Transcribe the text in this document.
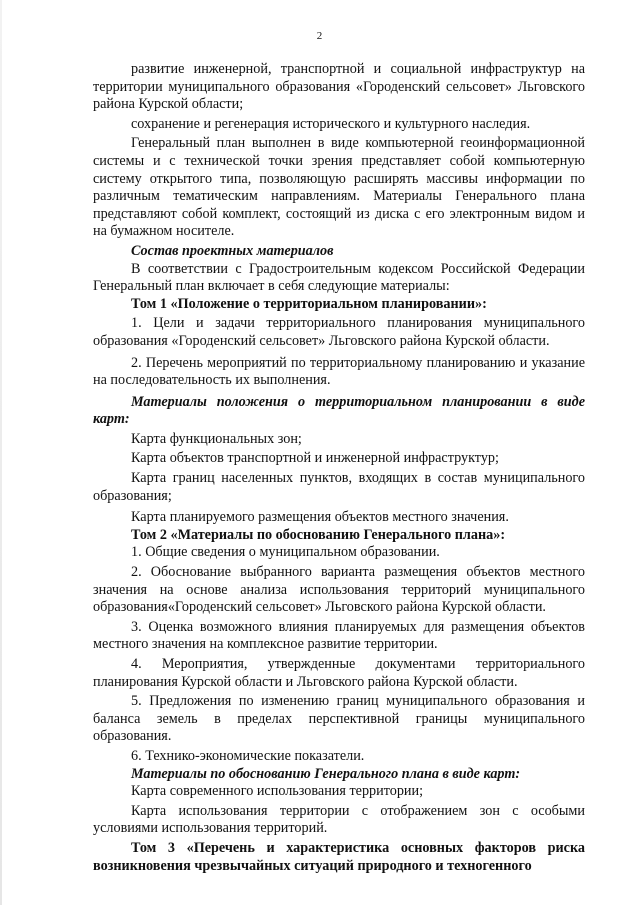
2

развитие инженерной, транспортной и социальной инфраструктур на территории муниципального образования «Городенский сельсовет» Льговского района Курской области;

сохранение и регенерация исторического и культурного наследия.

Генеральный план выполнен в виде компьютерной геоинформационной системы и с технической точки зрения представляет собой компьютерную систему открытого типа, позволяющую расширять массивы информации по различным тематическим направлениям. Материалы Генерального плана представляют собой комплект, состоящий из диска с его электронным видом и на бумажном носителе.

Состав проектных материалов

В соответствии с Градостроительным кодексом Российской Федерации Генеральный план включает в себя следующие материалы:

Том 1 «Положение о территориальном планировании»:

1. Цели и задачи территориального планирования муниципального образования «Городенский сельсовет» Льговского района Курской области.

2. Перечень мероприятий по территориальному планированию и указание на последовательность их выполнения.

Материалы положения о территориальном планировании в виде карт:

Карта функциональных зон;

Карта объектов транспортной и инженерной инфраструктур;

Карта границ населенных пунктов, входящих в состав муниципального образования;

Карта планируемого размещения объектов местного значения.

Том 2 «Материалы по обоснованию Генерального плана»:

1. Общие сведения о муниципальном образовании.

2. Обоснование выбранного варианта размещения объектов местного значения на основе анализа использования территорий муниципального образования«Городенский сельсовет» Льговского района Курской области.

3. Оценка возможного влияния планируемых для размещения объектов местного значения на комплексное развитие территории.

4. Мероприятия, утвержденные документами территориального планирования Курской области и Льговского района Курской области.

5. Предложения по изменению границ муниципального образования и баланса земель в пределах перспективной границы муниципального образования.

6. Технико-экономические показатели.

Материалы по обоснованию Генерального плана в виде карт:

Карта современного использования территории;

Карта использования территории с отображением зон с особыми условиями использования территорий.

Том 3 «Перечень и характеристика основных факторов риска возникновения чрезвычайных ситуаций природного и техногенного
